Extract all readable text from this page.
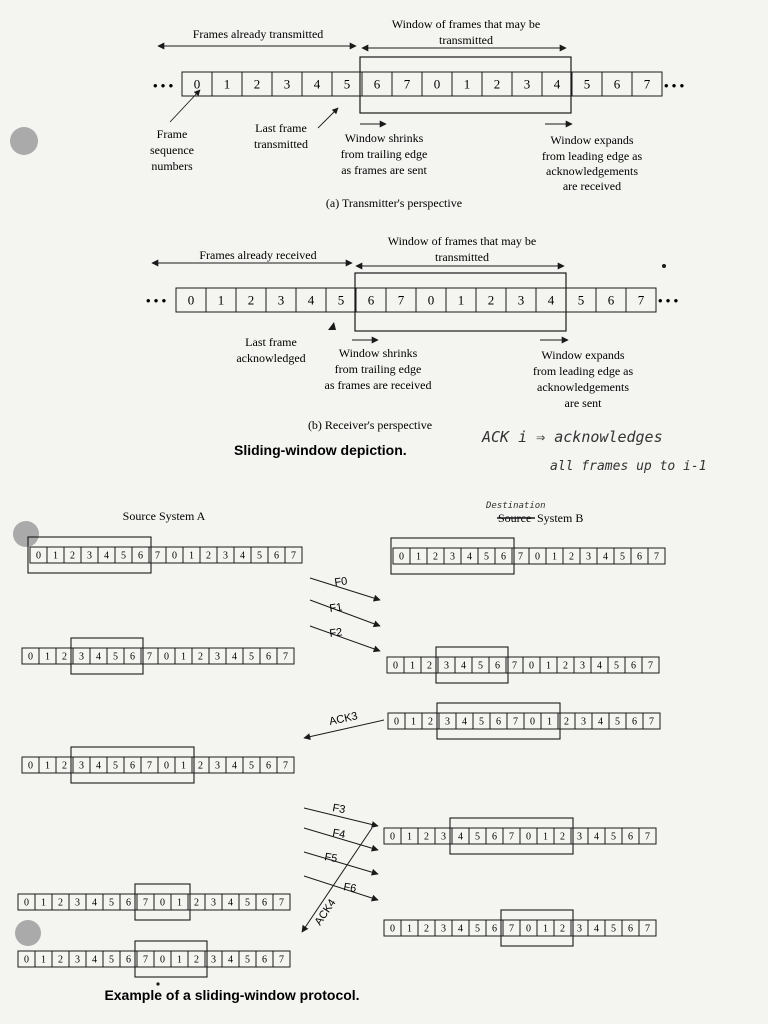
Frames already transmitted
Window of frames that may be
transmitted
• • • 0 1 2 3 4 5 6 7 0 1 2 3 4 5 6 7 • • •
Frame
sequence
numbers
Last frame
transmitted	Window shrinks
from trailing edge
as frames are sent
Window expands
from leading edge as
acknowledgements
are received
(a) Transmitter's perspective
Frames already received
Window of frames that may be
transmitted
• • • 0 1 2 3 4 5 6 7 0 1 2 3 4 5 6 7 • • •
Last frame
acknowledged	Window shrinks
from trailing edge
as frames are received
Window expands
from leading edge as
acknowledgements
are sent
(b) Receiver's perspective
Sliding-window depiction.
ACK i ⇒ acknowledges
all frames up to i-1
Source System A
Destination
Source System B
0 1 2 3 4 5 6 7 0 1 2 3 4 5 6 7
0 1 2 3 4 5 6 7 0 1 2 3 4 5 6 7
0 1 2 3 4 5 6 7 0 1 2 3 4 5 6 7
0 1 2 3 4 5 6 7 0 1 2 3 4 5 6 7
0 1 2 3 4 5 6 7 0 1 2 3 4 5 6 7
0 1 2 3 4 5 6 7 0 1 2 3 4 5 6 7
0 1 2 3 4 5 6 7 0 1 2 3 4 5 6 7
0 1 2 3 4 5 6 7 0 1 2 3 4 5 6 7
0 1 2 3 4 5 6 7 0 1 2 3 4 5 6 7
0 1 2 3 4 5 6 7 0 1 2 3 4 5 6 7
F0
F1
F2
ACK3
F3
F4
F5
F6
ACK4
Example of a sliding-window protocol.
